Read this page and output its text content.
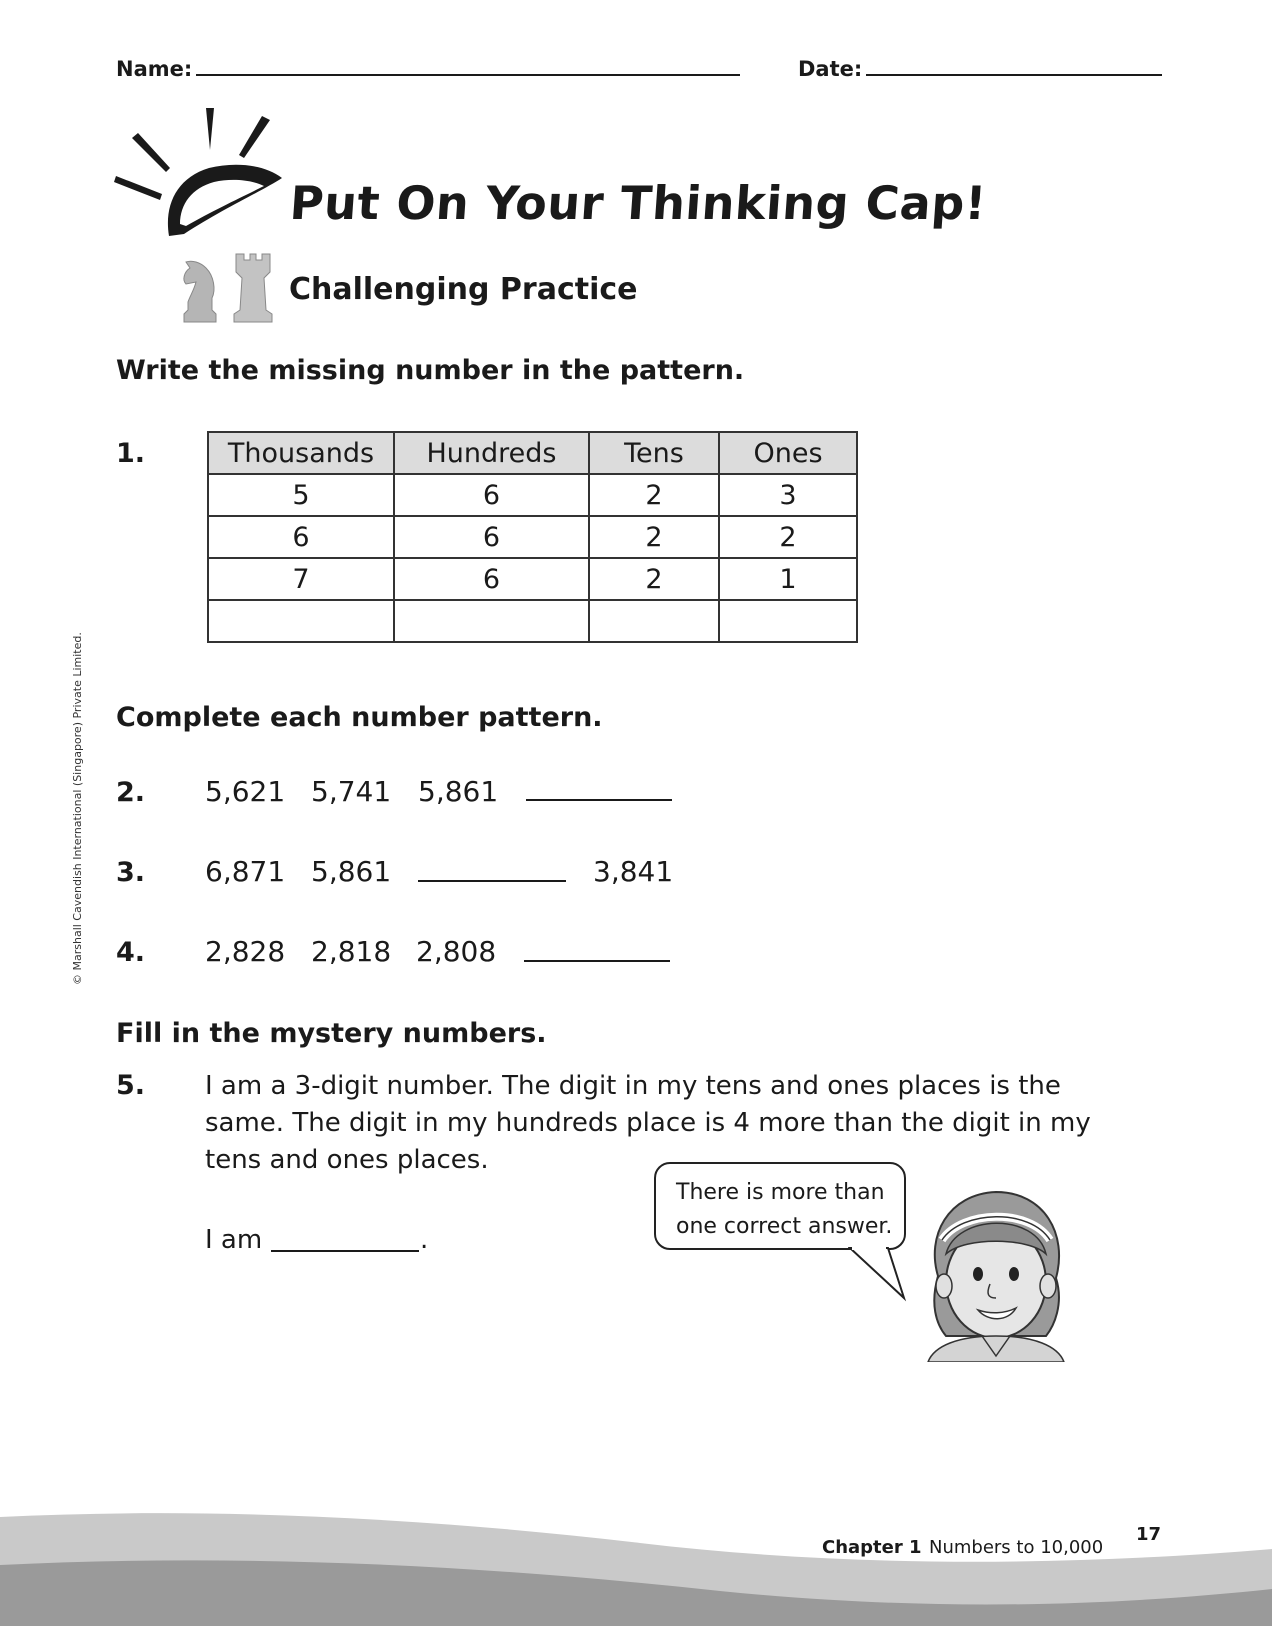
Name:	Date:
Put On Your Thinking Cap!
Challenging Practice
Write the missing number in the pattern.
1.	Thousands	Hundreds	Tens	Ones
5	6	2	3
6	6	2	2
7	6	2	1

Complete each number pattern.
2. 5,621 5,741 5,861
3. 6,871 5,861	3,841
4. 2,828 2,818 2,808
Fill in the mystery numbers.
5. I am a 3-digit number. The digit in my tens and ones places is the
same. The digit in my hundreds place is 4 more than the digit in my
tens and ones places.
I am	.
There is more than
one correct answer.
© Marshall Cavendish International (Singapore) Private Limited.
Chapter 1 Numbers to 10,000
17
